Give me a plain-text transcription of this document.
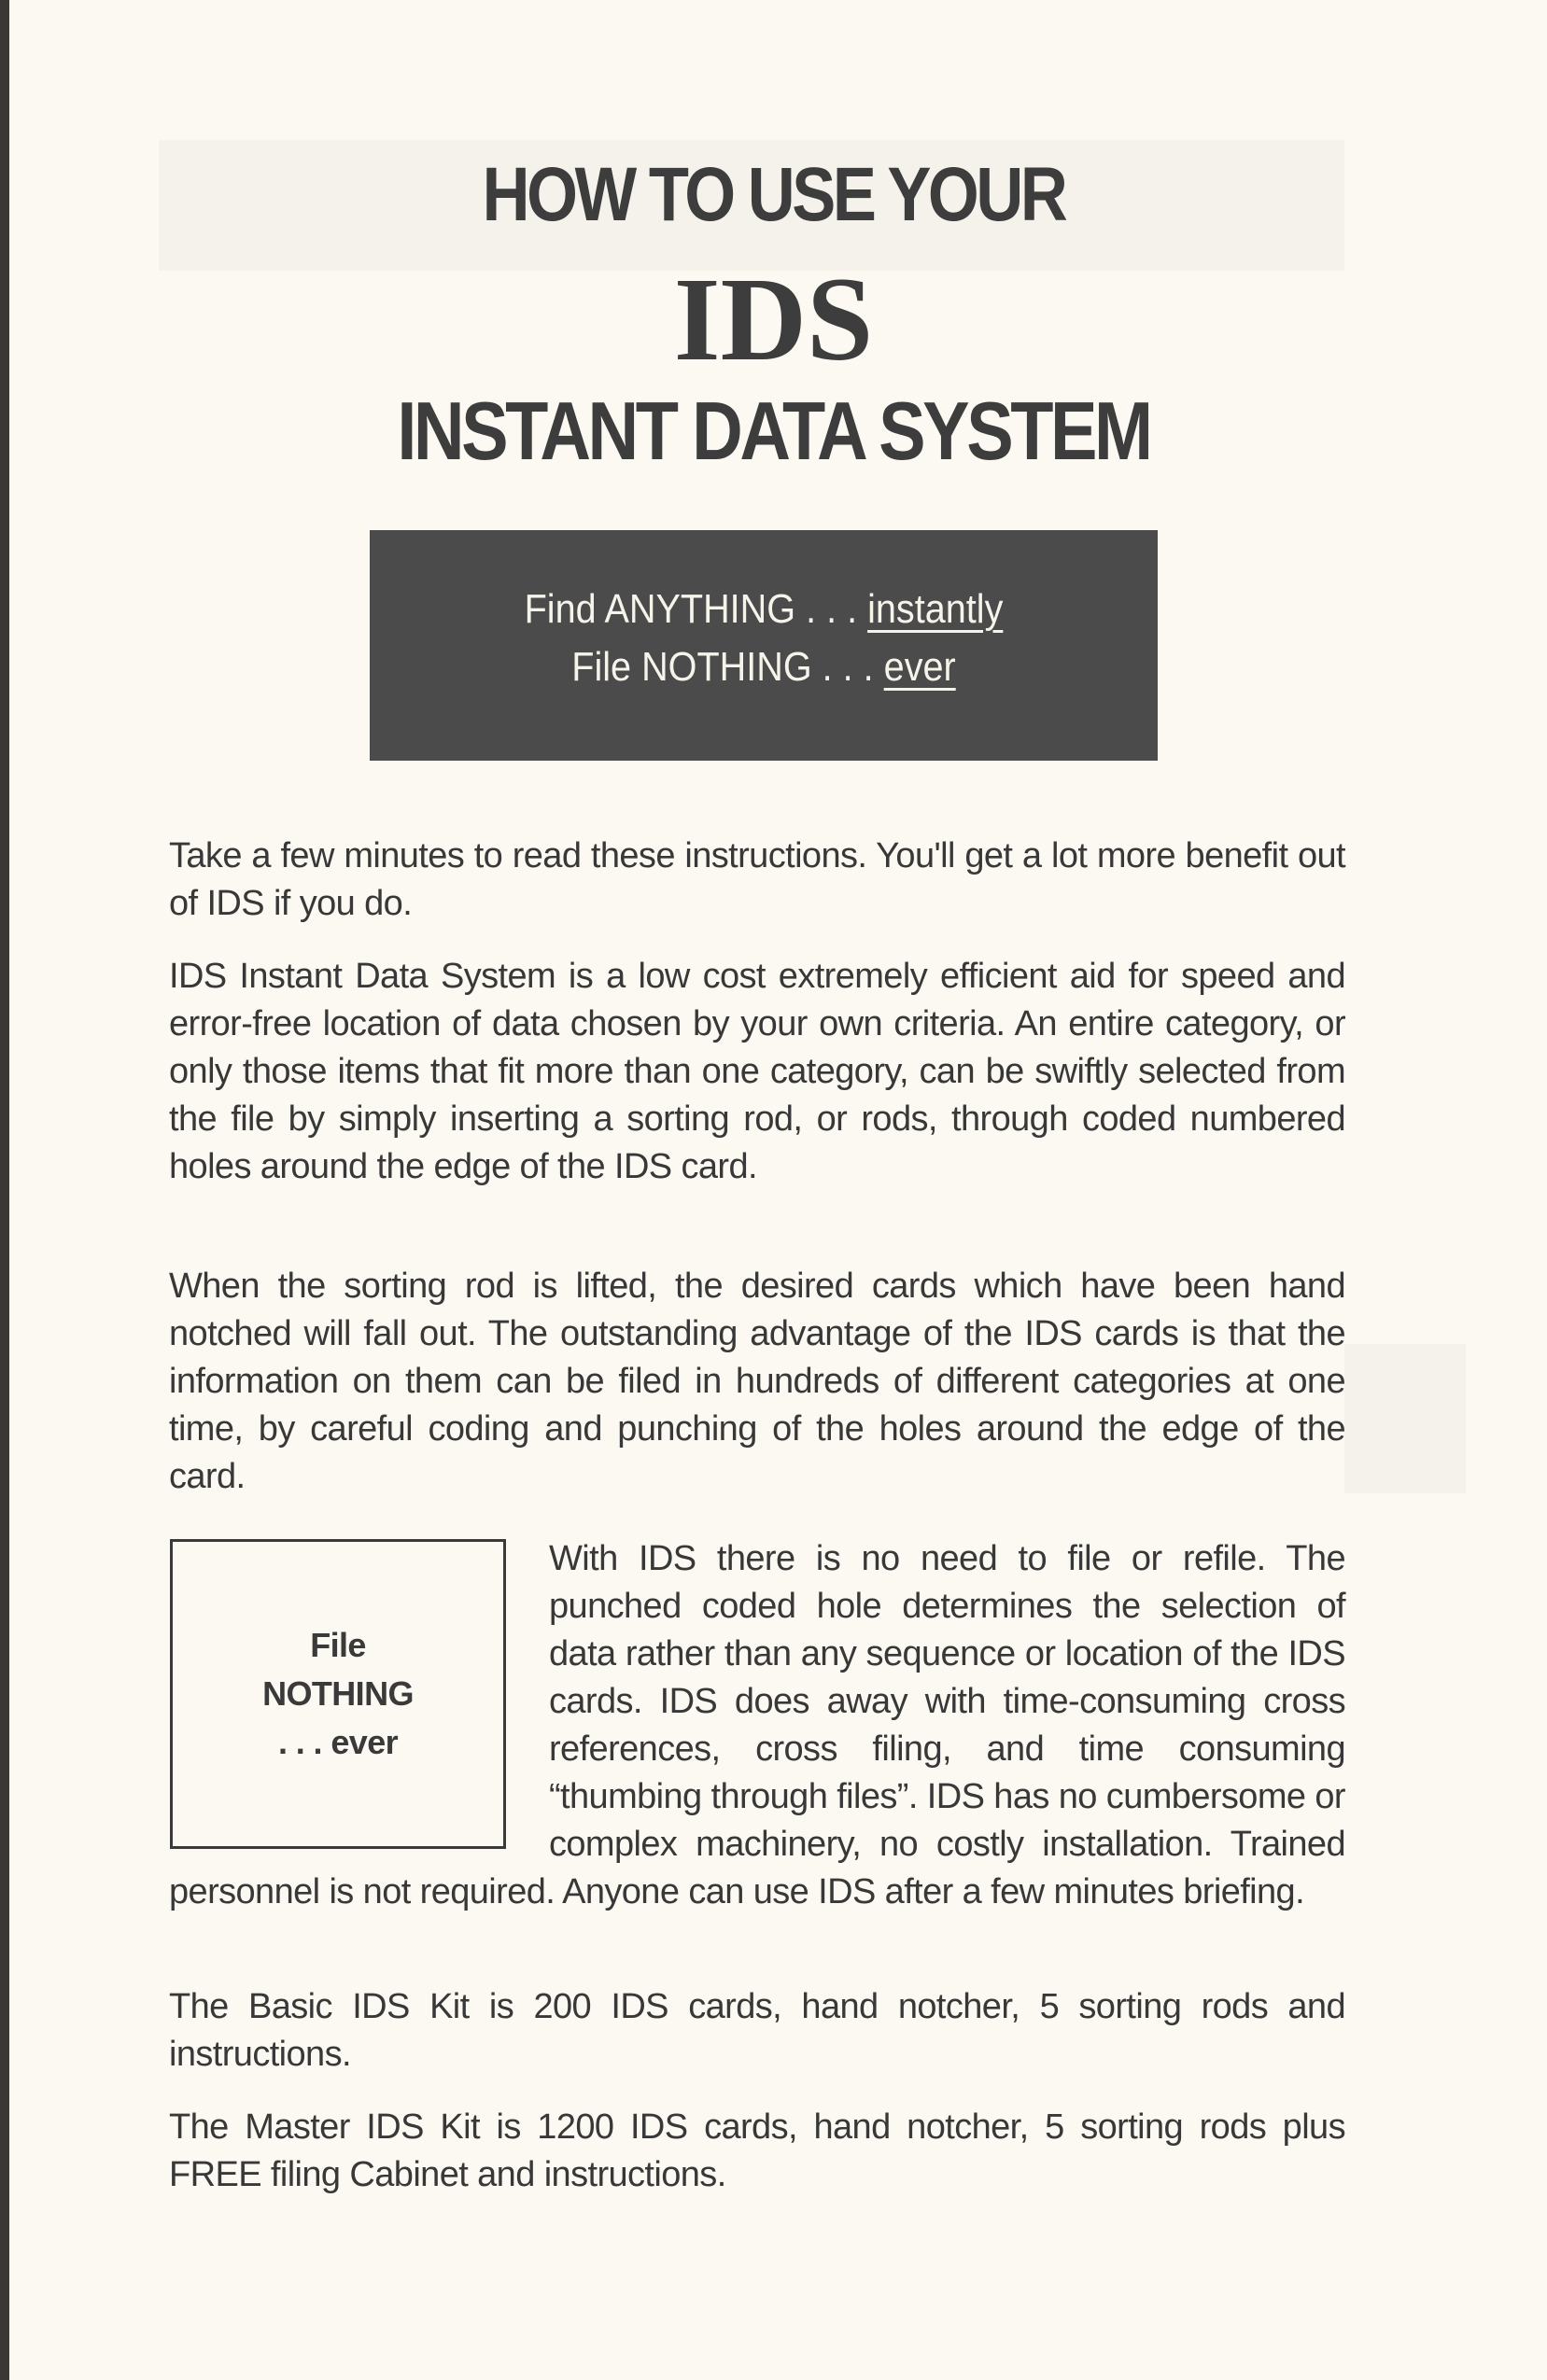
HOW TO USE YOUR
IDS
INSTANT DATA SYSTEM
Find ANYTHING . . . instantly
File NOTHING . . . ever

Take a few minutes to read these instructions. You'll get a lot more benefit out of IDS if you do.

IDS Instant Data System is a low cost extremely efficient aid for speed and error-free location of data chosen by your own criteria. An entire category, or only those items that fit more than one category, can be swiftly selected from the file by simply inserting a sorting rod, or rods, through coded numbered holes around the edge of the IDS card.

When the sorting rod is lifted, the desired cards which have been hand notched will fall out. The outstanding advantage of the IDS cards is that the information on them can be filed in hundreds of different categories at one time, by careful coding and punching of the holes around the edge of the card.

File
NOTHING
. . . ever

With IDS there is no need to file or refile. The punched coded hole determines the selection of data rather than any sequence or location of the IDS cards. IDS does away with time-consuming cross references, cross filing, and time consuming “thumbing through files”. IDS has no cumbersome or complex machinery, no costly installation. Trained personnel is not required. Anyone can use IDS after a few minutes briefing.

The Basic IDS Kit is 200 IDS cards, hand notcher, 5 sorting rods and instructions.

The Master IDS Kit is 1200 IDS cards, hand notcher, 5 sorting rods plus FREE filing Cabinet and instructions.
